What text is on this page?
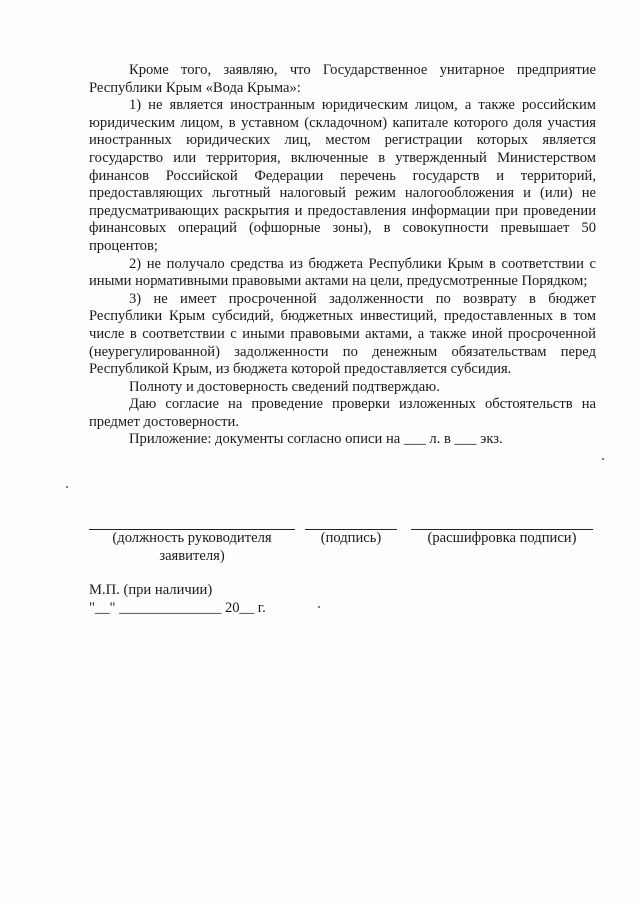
Кроме того, заявляю, что Государственное унитарное предприятие Республики Крым «Вода Крыма»:

1) не является иностранным юридическим лицом, а также российским юридическим лицом, в уставном (складочном) капитале которого доля участия иностранных юридических лиц, местом регистрации которых является государство или территория, включенные в утвержденный Министерством финансов Российской Федерации перечень государств и территорий, предоставляющих льготный налоговый режим налогообложения и (или) не предусматривающих раскрытия и предоставления информации при проведении финансовых операций (офшорные зоны), в совокупности превышает 50 процентов;

2) не получало средства из бюджета Республики Крым в соответствии с иными нормативными правовыми актами на цели, предусмотренные Порядком;

3) не имеет просроченной задолженности по возврату в бюджет Республики Крым субсидий, бюджетных инвестиций, предоставленных в том числе в соответствии с иными правовыми актами, а также иной просроченной (неурегулированной) задолженности по денежным обязательствам перед Республикой Крым, из бюджета которой предоставляется субсидия.

Полноту и достоверность сведений подтверждаю.

Даю согласие на проведение проверки изложенных обстоятельств на предмет достоверности.

Приложение: документы согласно описи на ___ л. в ___ экз.

(должность руководителя заявителя)
(подпись)	(расшифровка подписи)
М.П. (при наличии)
"__" ______________ 20__ г.
